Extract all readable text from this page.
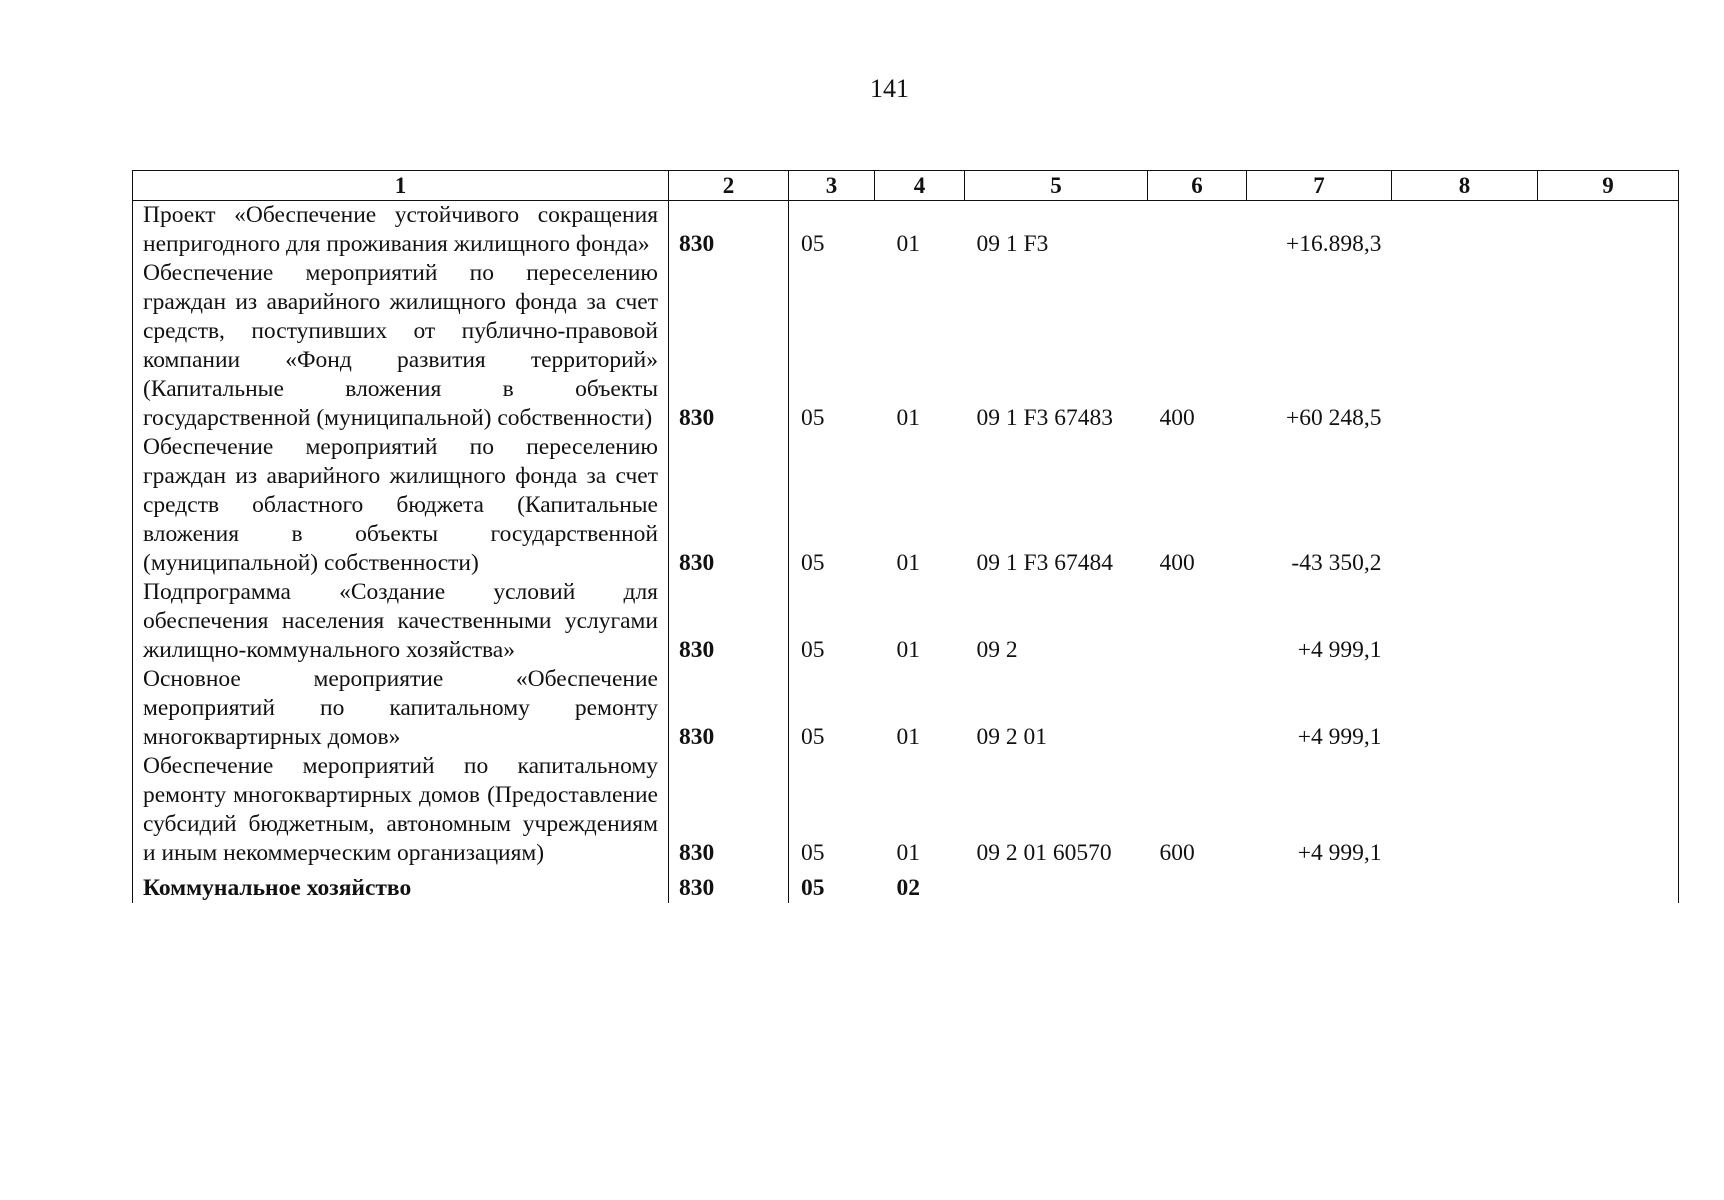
141
1	2	3	4	5	6	7	8	9
Проект «Обеспечение устойчивого сокращения непригодного для проживания жилищного фонда»	830	05	01	09 1 F3		+16.898,3		
Обеспечение мероприятий по переселению граждан из аварийного жилищного фонда за счет средств, поступивших от публично-правовой компании «Фонд развития территорий» (Капитальные вложения в объекты государственной (муниципальной) собственности)	830	05	01	09 1 F3 67483	400	+60 248,5		
Обеспечение мероприятий по переселению граждан из аварийного жилищного фонда за счет средств областного бюджета (Капитальные вложения в объекты государственной (муниципальной) собственности)	830	05	01	09 1 F3 67484	400	-43 350,2		
Подпрограмма «Создание условий для обеспечения населения качественными услугами жилищно-коммунального хозяйства»	830	05	01	09 2		+4 999,1		
Основное мероприятие «Обеспечение мероприятий по капитальному ремонту многоквартирных домов»	830	05	01	09 2 01		+4 999,1		
Обеспечение мероприятий по капитальному ремонту многоквартирных домов (Предоставление субсидий бюджетным, автономным учреждениям и иным некоммерческим организациям)	830	05	01	09 2 01 60570	600	+4 999,1		
Коммунальное хозяйство	830	05	02					
